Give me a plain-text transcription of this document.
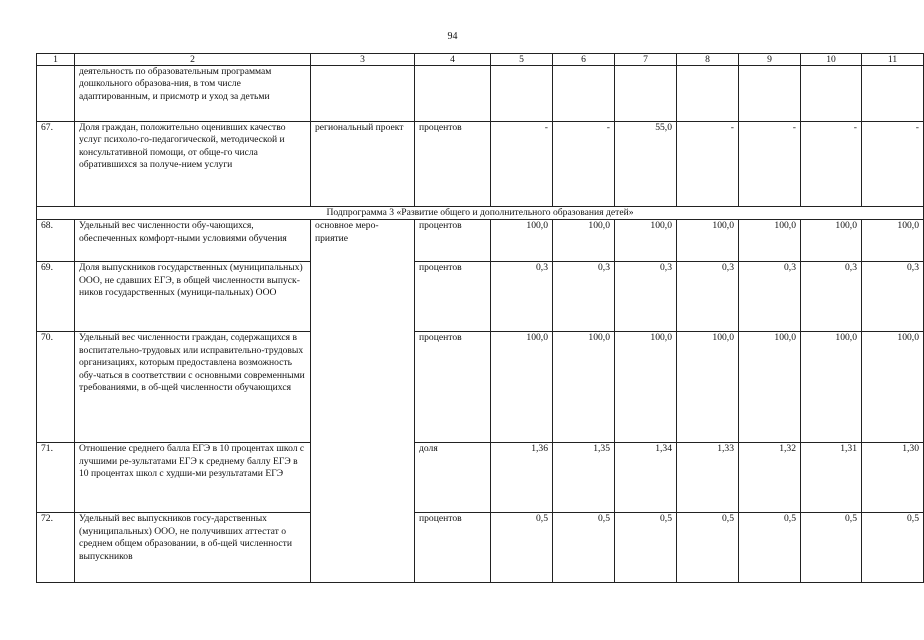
94
1	2	3	4	5	6	7	8	9	10	11
	деятельность по образовательным программам дошкольного образова-ния, в том числе адаптированным, и присмотр и уход за детьми									
67.	Доля граждан, положительно оценивших качество услуг психоло-го-педагогической, методической и консультативной помощи, от обще-го числа обратившихся за получе-нием услуги	региональный проект	процентов	-	-	55,0	-	-	-	-
Подпрограмма 3 «Развитие общего и дополнительного образования детей»										
68.	Удельный вес численности обу-чающихся, обеспеченных комфорт-ными условиями обучения	основное меро-приятие	процентов	100,0	100,0	100,0	100,0	100,0	100,0	100,0
69.	Доля выпускников государственных (муниципальных) ООО, не сдавших ЕГЭ, в общей численности выпуск-ников государственных (муници-пальных) ООО		процентов	0,3	0,3	0,3	0,3	0,3	0,3	0,3
70.	Удельный вес численности граждан, содержащихся в воспитательно-трудовых или исправительно-трудовых организациях, которым предоставлена возможность обу-чаться в соответствии с основными современными требованиями, в об-щей численности обучающихся		процентов	100,0	100,0	100,0	100,0	100,0	100,0	100,0
71.	Отношение среднего балла ЕГЭ в 10 процентах школ с лучшими ре-зультатами ЕГЭ к среднему баллу ЕГЭ в 10 процентах школ с худши-ми результатами ЕГЭ		доля	1,36	1,35	1,34	1,33	1,32	1,31	1,30
72.	Удельный вес выпускников госу-дарственных (муниципальных) ООО, не получивших аттестат о среднем общем образовании, в об-щей численности выпускников		процентов	0,5	0,5	0,5	0,5	0,5	0,5	0,5
